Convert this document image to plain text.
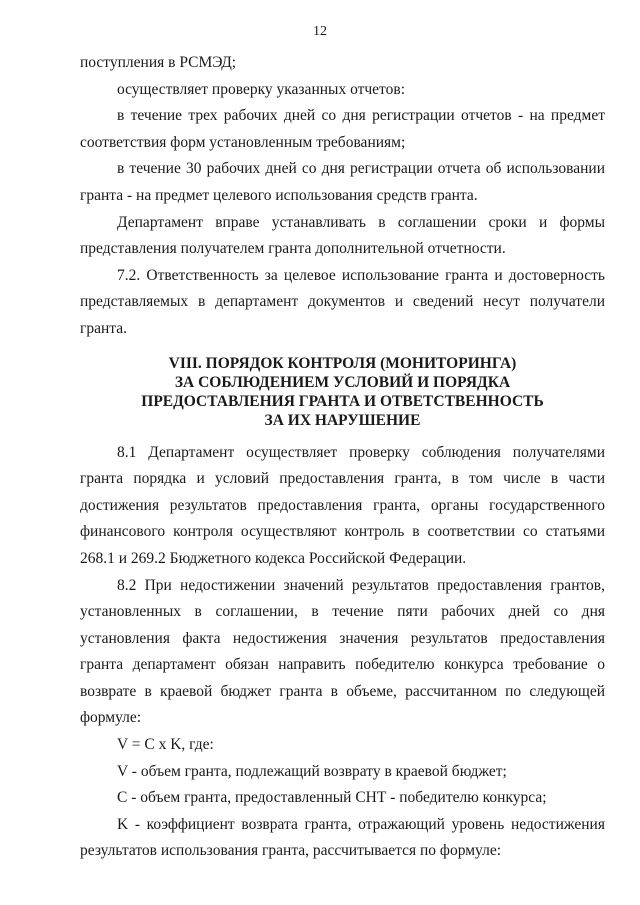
12

поступления в РСМЭД;

осуществляет проверку указанных отчетов:

в течение трех рабочих дней со дня регистрации отчетов - на предмет соответствия форм установленным требованиям;

в течение 30 рабочих дней со дня регистрации отчета об использовании гранта - на предмет целевого использования средств гранта.

Департамент вправе устанавливать в соглашении сроки и формы представления получателем гранта дополнительной отчетности.

7.2. Ответственность за целевое использование гранта и достоверность представляемых в департамент документов и сведений несут получатели гранта.

VIII. ПОРЯДОК КОНТРОЛЯ (МОНИТОРИНГА)
ЗА СОБЛЮДЕНИЕМ УСЛОВИЙ И ПОРЯДКА
ПРЕДОСТАВЛЕНИЯ ГРАНТА И ОТВЕТСТВЕННОСТЬ
ЗА ИХ НАРУШЕНИЕ

8.1 Департамент осуществляет проверку соблюдения получателями гранта порядка и условий предоставления гранта, в том числе в части достижения результатов предоставления гранта, органы государственного финансового контроля осуществляют контроль в соответствии со статьями 268.1 и 269.2 Бюджетного кодекса Российской Федерации.

8.2 При недостижении значений результатов предоставления грантов, установленных в соглашении, в течение пяти рабочих дней со дня установления факта недостижения значения результатов предоставления гранта департамент обязан направить победителю конкурса требование о возврате в краевой бюджет гранта в объеме, рассчитанном по следующей формуле:

V = C x K, где:

V - объем гранта, подлежащий возврату в краевой бюджет;

C - объем гранта, предоставленный СНТ - победителю конкурса;

K - коэффициент возврата гранта, отражающий уровень недостижения результатов использования гранта, рассчитывается по формуле:
